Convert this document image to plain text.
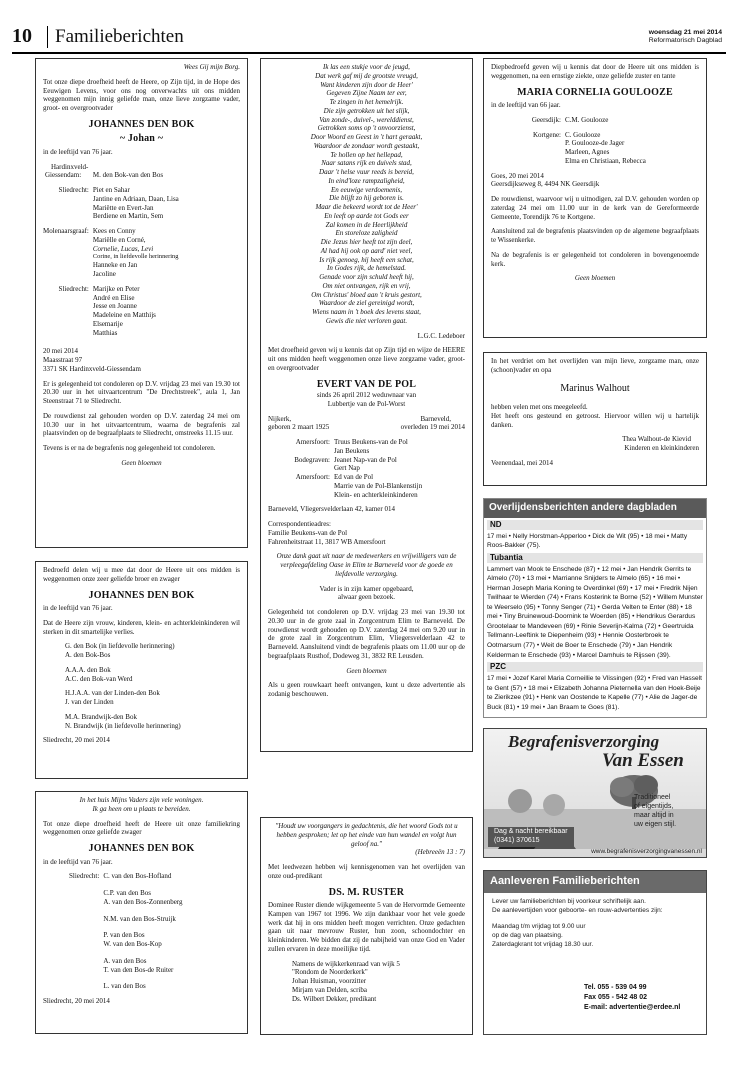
10 Familieberichten	woensdag 21 mei 2014
Reformatorisch Dagblad

Wees Gij mijn Borg.

Tot onze diepe droefheid heeft de Heere, op Zijn tijd, in de Hope des Eeuwigen Levens, voor ons nog onverwachts uit ons midden weggenomen mijn innig geliefde man, onze lieve zorgzame vader, groot- en overgrootvader

JOHANNES DEN BOK

~ Johan ~

in de leeftijd van 76 jaar.

Hardinxveld-	
Giessendam:	M. den Bok-van den Bos

Sliedrecht:	Piet en Sahar
	Jantine en Adriaan, Daan, Lisa
	Mariëtte en Evert-Jan
	Berdiene en Martin, Sem

Molenaarsgraaf:	Kees en Conny
	Mariëlle en Corné,
	Cornelie, Lucas, Levi
	Corine, in liefdevolle herinnering
	Hanneke en Jan
	Jacoline

Sliedrecht:	Marijke en Peter
	André en Elise
	Jesse en Joanne
	Madeleine en Matthijs
	Elsemarije
	Matthias
20 mei 2014
Maasstraat 97
3371 SK Hardinxveld-Giessendam

Er is gelegenheid tot condoleren op D.V. vrijdag 23 mei van 19.30 tot 20.30 uur in het uitvaartcentrum "De Drechtstreek", aula 1, Jan Steenstraat 71 te Sliedrecht.

De rouwdienst zal gehouden worden op D.V. zaterdag 24 mei om 10.30 uur in het uitvaartcentrum, waarna de begrafenis zal plaatsvinden op de begraafplaats te Sliedrecht, omstreeks 11.15 uur.

Tevens is er na de begrafenis nog gelegenheid tot condoleren.

Geen bloemen

Bedroefd delen wij u mee dat door de Heere uit ons midden is weggenomen onze zeer geliefde broer en zwager

JOHANNES DEN BOK

in de leeftijd van 76 jaar.

Dat de Heere zijn vrouw, kinderen, klein- en achterkleinkinderen wil sterken in dit smartelijke verlies.

G. den Bok (in liefdevolle herinnering)
A. den Bok-Bos
A.A.A. den Bok
A.C. den Bok-van Werd
H.J.A.A. van der Linden-den Bok
J. van der Linden
M.A. Brandwijk-den Bok
N. Brandwijk (in liefdevolle herinnering)

Sliedrecht, 20 mei 2014

In het huis Mijns Vaders zijn vele woningen.

Ik ga heen om u plaats te bereiden.

Tot onze diepe droefheid heeft de Heere uit onze familiekring weggenomen onze geliefde zwager

JOHANNES DEN BOK

in de leeftijd van 76 jaar.

Sliedrecht:	C. van den Bos-Hofland

	C.P. van den Bos
	A. van den Bos-Zonnenberg

	N.M. van den Bos-Struijk

	P. van den Bos
	W. van den Bos-Kop

	A. van den Bos
	T. van den Bos-de Ruiter

	L. van den Bos

Sliedrecht, 20 mei 2014

Ik las een stukje voor de jeugd,
Dat werk gaf mij de grootste vreugd,
Want kinderen zijn door de Heer'
Gegeven Zijne Naam ter eer,
Te zingen in het hemelrijk.
Die zijn getrokken uit het slijk,
Van zonde-, duivel-, werelddienst,
Getrokken soms op 't onvoorzienst,
Door Woord en Geest in 't hart geraakt,
Waardoor de zondaar wordt gestaakt,
Te hollen op het hellepad,
Naar satans rijk en duivels stad,
Daar 't helse vuur reeds is bereid,
In eind'loze rampzaligheid,
En eeuwige verdoemenis,
Die blijft zo hij geboren is.
Maar die bekeerd wordt tot de Heer'
En leeft op aarde tot Gods eer
Zal komen in de Heerlijkheid
En storeloze zaligheid
Die Jezus hier heeft tot zijn deel,
Al had hij ook op aard' niet veel,
Is rijk genoeg, hij heeft een schat,
In Godes rijk, de hemelstad.
Genade voor zijn schuld heeft hij,
Om niet ontvangen, rijk en vrij,
Om Christus' bloed aan 't kruis gestort,
Waardoor de ziel gereinigd wordt,
Wiens naam in 't boek des levens staat,
Gewis die niet verloren gaat.

L.G.C. Ledeboer

Met droefheid geven wij u kennis dat op Zijn tijd en wijze de HEERE uit ons midden heeft weggenomen onze lieve zorgzame vader, groot- en overgrootvader

EVERT VAN DE POL

sinds 26 april 2012 weduwnaar van

Lubbertje van de Pol-Worst

Nijkerk,	Barneveld,
geboren 2 maart 1925	overleden 19 mei 2014
Amersfoort:	Truus Beukens-van de Pol
	Jan Beukens
Bodegraven:	Jeanet Nap-van de Pol
	Gert Nap
Amersfoort:	Ed van de Pol
	Marrie van de Pol-Blankenstijn
	Klein- en achterkleinkinderen

Barneveld, Vliegersvelderlaan 42, kamer 014

Correspondentieadres:
Familie Beukens-van de Pol
Fahrenheitstraat 11, 3817 WB Amersfoort

Onze dank gaat uit naar de medewerkers en vrijwilligers van de verpleegafdeling Oase in Elim te Barneveld voor de goede en liefdevolle verzorging.

Vader is in zijn kamer opgebaard,

alwaar geen bezoek.

Gelegenheid tot condoleren op D.V. vrijdag 23 mei van 19.30 tot 20.30 uur in de grote zaal in Zorgcentrum Elim te Barneveld. De rouwdienst wordt gehouden op D.V. zaterdag 24 mei om 9.20 uur in de grote zaal in Zorgcentrum Elim, Vliegersvelderlaan 42 te Barneveld. Aansluitend vindt de begrafenis plaats om 11.00 uur op de begraafplaats Rusthof, Dodeweg 31, 3832 RE Leusden.

Geen bloemen

Als u geen rouwkaart heeft ontvangen, kunt u deze advertentie als zodanig beschouwen.

"Houdt uw voorgangers in gedachtenis, die het woord Gods tot u hebben gesproken; let op het einde van hun wandel en volgt hun geloof na."

(Hebreeën 13 : 7)

Met leedwezen hebben wij kennisgenomen van het overlijden van onze oud-predikant

DS. M. RUSTER

Dominee Ruster diende wijkgemeente 5 van de Hervormde Gemeente Kampen van 1967 tot 1996. We zijn dankbaar voor het vele goede werk dat hij in ons midden heeft mogen verrichten. Onze gedachten gaan uit naar mevrouw Ruster, hun zoon, schoondochter en kleinkinderen. We bidden dat zij de nabijheid van onze God en Vader zullen ervaren in deze moeilijke tijd.

Namens de wijkkerkenraad van wijk 5
"Rondom de Noorderkerk"
Johan Huisman, voorzitter
Mirjam van Delden, scriba
Ds. Wilbert Dekker, predikant

Diepbedroefd geven wij u kennis dat door de Heere uit ons midden is weggenomen, na een ernstige ziekte, onze geliefde zuster en tante

MARIA CORNELIA GOULOOZE

in de leeftijd van 66 jaar.

Geersdijk:	C.M. Goulooze

Kortgene:	C. Goulooze
	P. Goulooze-de Jager
	Marleen, Agnes
	Elma en Christiaan, Rebecca
Goes, 20 mei 2014
Geersdijkseweg 8, 4494 NK Geersdijk

De rouwdienst, waarvoor wij u uitnodigen, zal D.V. gehouden worden op zaterdag 24 mei om 11.00 uur in de kerk van de Gereformeerde Gemeente, Torendijk 76 te Kortgene.

Aansluitend zal de begrafenis plaatsvinden op de algemene begraafplaats te Wissenkerke.

Na de begrafenis is er gelegenheid tot condoleren in bovengenoemde kerk.

Geen bloemen

In het verdriet om het overlijden van mijn lieve, zorgzame man, onze (schoon)vader en opa

Marinus Walhout

hebben velen met ons meegeleefd.

Het heeft ons gesteund en getroost. Hiervoor willen wij u hartelijk danken.

Thea Walhout-de Kievid

Kinderen en kleinkinderen

Veenendaal, mei 2014

Overlijdensberichten andere dagbladen
ND

17 mei • Nelly Horstman-Apperloo • Dick de Wit (95) • 18 mei • Matty Roos-Bakker (75).

Tubantia

Lammert van Mook te Enschede (87) • 12 mei • Jan Hendrik Gerrits te Almelo (70) • 13 mei • Marrianne Snijders te Almelo (65) • 16 mei • Herman Joseph Maria Koning te Overdinkel (69) • 17 mei • Fredrik Nijen Twilhaar te Wierden (74) • Frans Kosterink te Borne (52) • Willem Munster te Weerselo (95) • Tonny Senger (71) • Gerda Velten te Enter (88) • 18 mei • Tiny Bruinewoud-Doornink te Woerden (85) • Hendrikus Gerardus Grootelaar te Mandeveen (69) • Rinie Severijn-Kalma (72) • Geertruida Tellmann-Leeftink te Diepenheim (93) • Hennie Oosterbroek te Ootmarsum (77) • Weit de Boer te Enschede (79) • Jan Hendrik Kelderman te Enschede (93) • Marcel Damhuis te Rijssen (39).

PZC

17 mei • Jozef Karel Maria Corneillie te Vlissingen (92) • Fred van Hasselt te Gent (57) • 18 mei • Elizabeth Johanna Pieternella van den Hoek-Beije te Zierikzee (91) • Henk van Oostende te Kapelle (77) • Alie de Jager-de Buck (81) • 19 mei • Jan Braam te Goes (81).

Begrafenisverzorging
Van Essen
Traditioneel
of eigentijds,
maar altijd in
uw eigen stijl.
Dag & nacht bereikbaar
(0341) 370615
www.begrafenisverzorgingvanessen.nl
Aanleveren Familieberichten
Lever uw familieberichten bij voorkeur schriftelijk aan.
De aanlevertijden voor geboorte- en rouw-advertenties zijn:
Maandag t/m vrijdag tot 9.00 uur
op de dag van plaatsing.
Zaterdagkrant tot vrijdag 18.30 uur.
Tel. 055 - 539 04 99
Fax 055 - 542 48 02
E-mail: advertentie@erdee.nl
